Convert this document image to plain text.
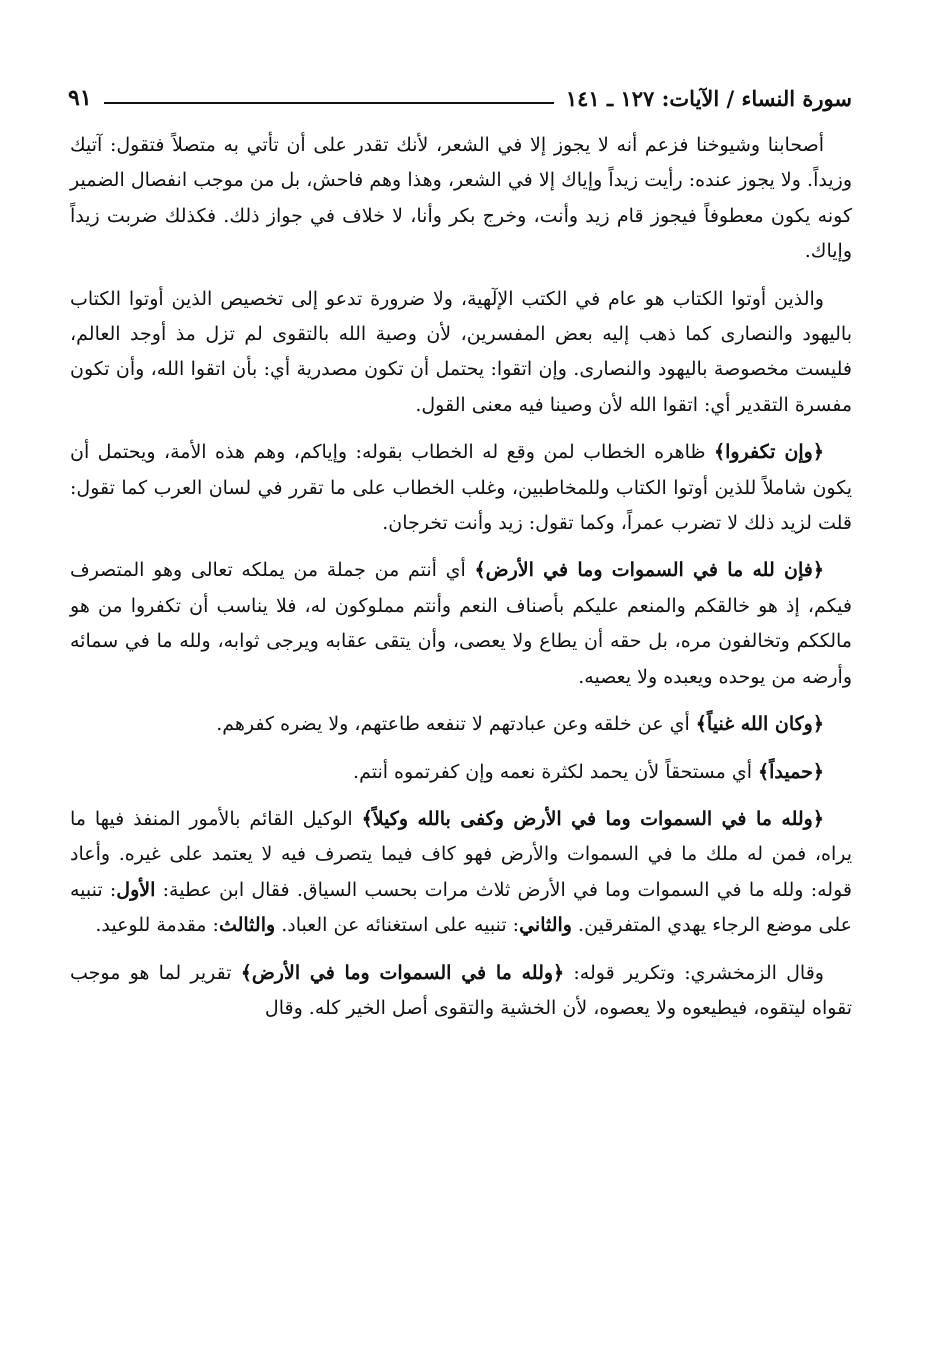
٩١	سورة النساء / الآيات: ١٢٧ ـ ١٤١

أصحابنا وشيوخنا فزعم أنه لا يجوز إلا في الشعر، لأنك تقدر على أن تأتي به متصلاً فتقول: آتيك وزيداً. ولا يجوز عنده: رأيت زيداً وإياك إلا في الشعر، وهذا وهم فاحش، بل من موجب انفصال الضمير كونه يكون معطوفاً فيجوز قام زيد وأنت، وخرج بكر وأنا، لا خلاف في جواز ذلك. فكذلك ضربت زيداً وإياك.

والذين أوتوا الكتاب هو عام في الكتب الإلٓهية، ولا ضرورة تدعو إلى تخصيص الذين أوتوا الكتاب باليهود والنصارى كما ذهب إليه بعض المفسرين، لأن وصية الله بالتقوى لم تزل مذ أوجد العالم، فليست مخصوصة باليهود والنصارى. وإن اتقوا: يحتمل أن تكون مصدرية أي: بأن اتقوا الله، وأن تكون مفسرة التقدير أي: اتقوا الله لأن وصينا فيه معنى القول.

﴿وإن تكفروا﴾ ظاهره الخطاب لمن وقع له الخطاب بقوله: وإياكم، وهم هذه الأمة، ويحتمل أن يكون شاملاً للذين أوتوا الكتاب وللمخاطبين، وغلب الخطاب على ما تقرر في لسان العرب كما تقول: قلت لزيد ذلك لا تضرب عمراً، وكما تقول: زيد وأنت تخرجان.

﴿فإن لله ما في السموات وما في الأرض﴾ أي أنتم من جملة من يملكه تعالى وهو المتصرف فيكم، إذ هو خالقكم والمنعم عليكم بأصناف النعم وأنتم مملوكون له، فلا يناسب أن تكفروا من هو مالككم وتخالفون مره، بل حقه أن يطاع ولا يعصى، وأن يتقى عقابه ويرجى ثوابه، ولله ما في سمائه وأرضه من يوحده ويعبده ولا يعصيه.

﴿وكان الله غنياً﴾ أي عن خلقه وعن عبادتهم لا تنفعه طاعتهم، ولا يضره كفرهم.

﴿حميداً﴾ أي مستحقاً لأن يحمد لكثرة نعمه وإن كفرتموه أنتم.

﴿ولله ما في السموات وما في الأرض وكفى بالله وكيلاً﴾ الوكيل القائم بالأمور المنفذ فيها ما يراه، فمن له ملك ما في السموات والأرض فهو كاف فيما يتصرف فيه لا يعتمد على غيره. وأعاد قوله: ولله ما في السموات وما في الأرض ثلاث مرات بحسب السياق. فقال ابن عطية: الأول: تنبيه على موضع الرجاء يهدي المتفرقين. والثاني: تنبيه على استغنائه عن العباد. والثالث: مقدمة للوعيد.

وقال الزمخشري: وتكرير قوله: ﴿ولله ما في السموات وما في الأرض﴾ تقرير لما هو موجب تقواه ليتقوه، فيطيعوه ولا يعصوه، لأن الخشية والتقوى أصل الخير كله. وقال
